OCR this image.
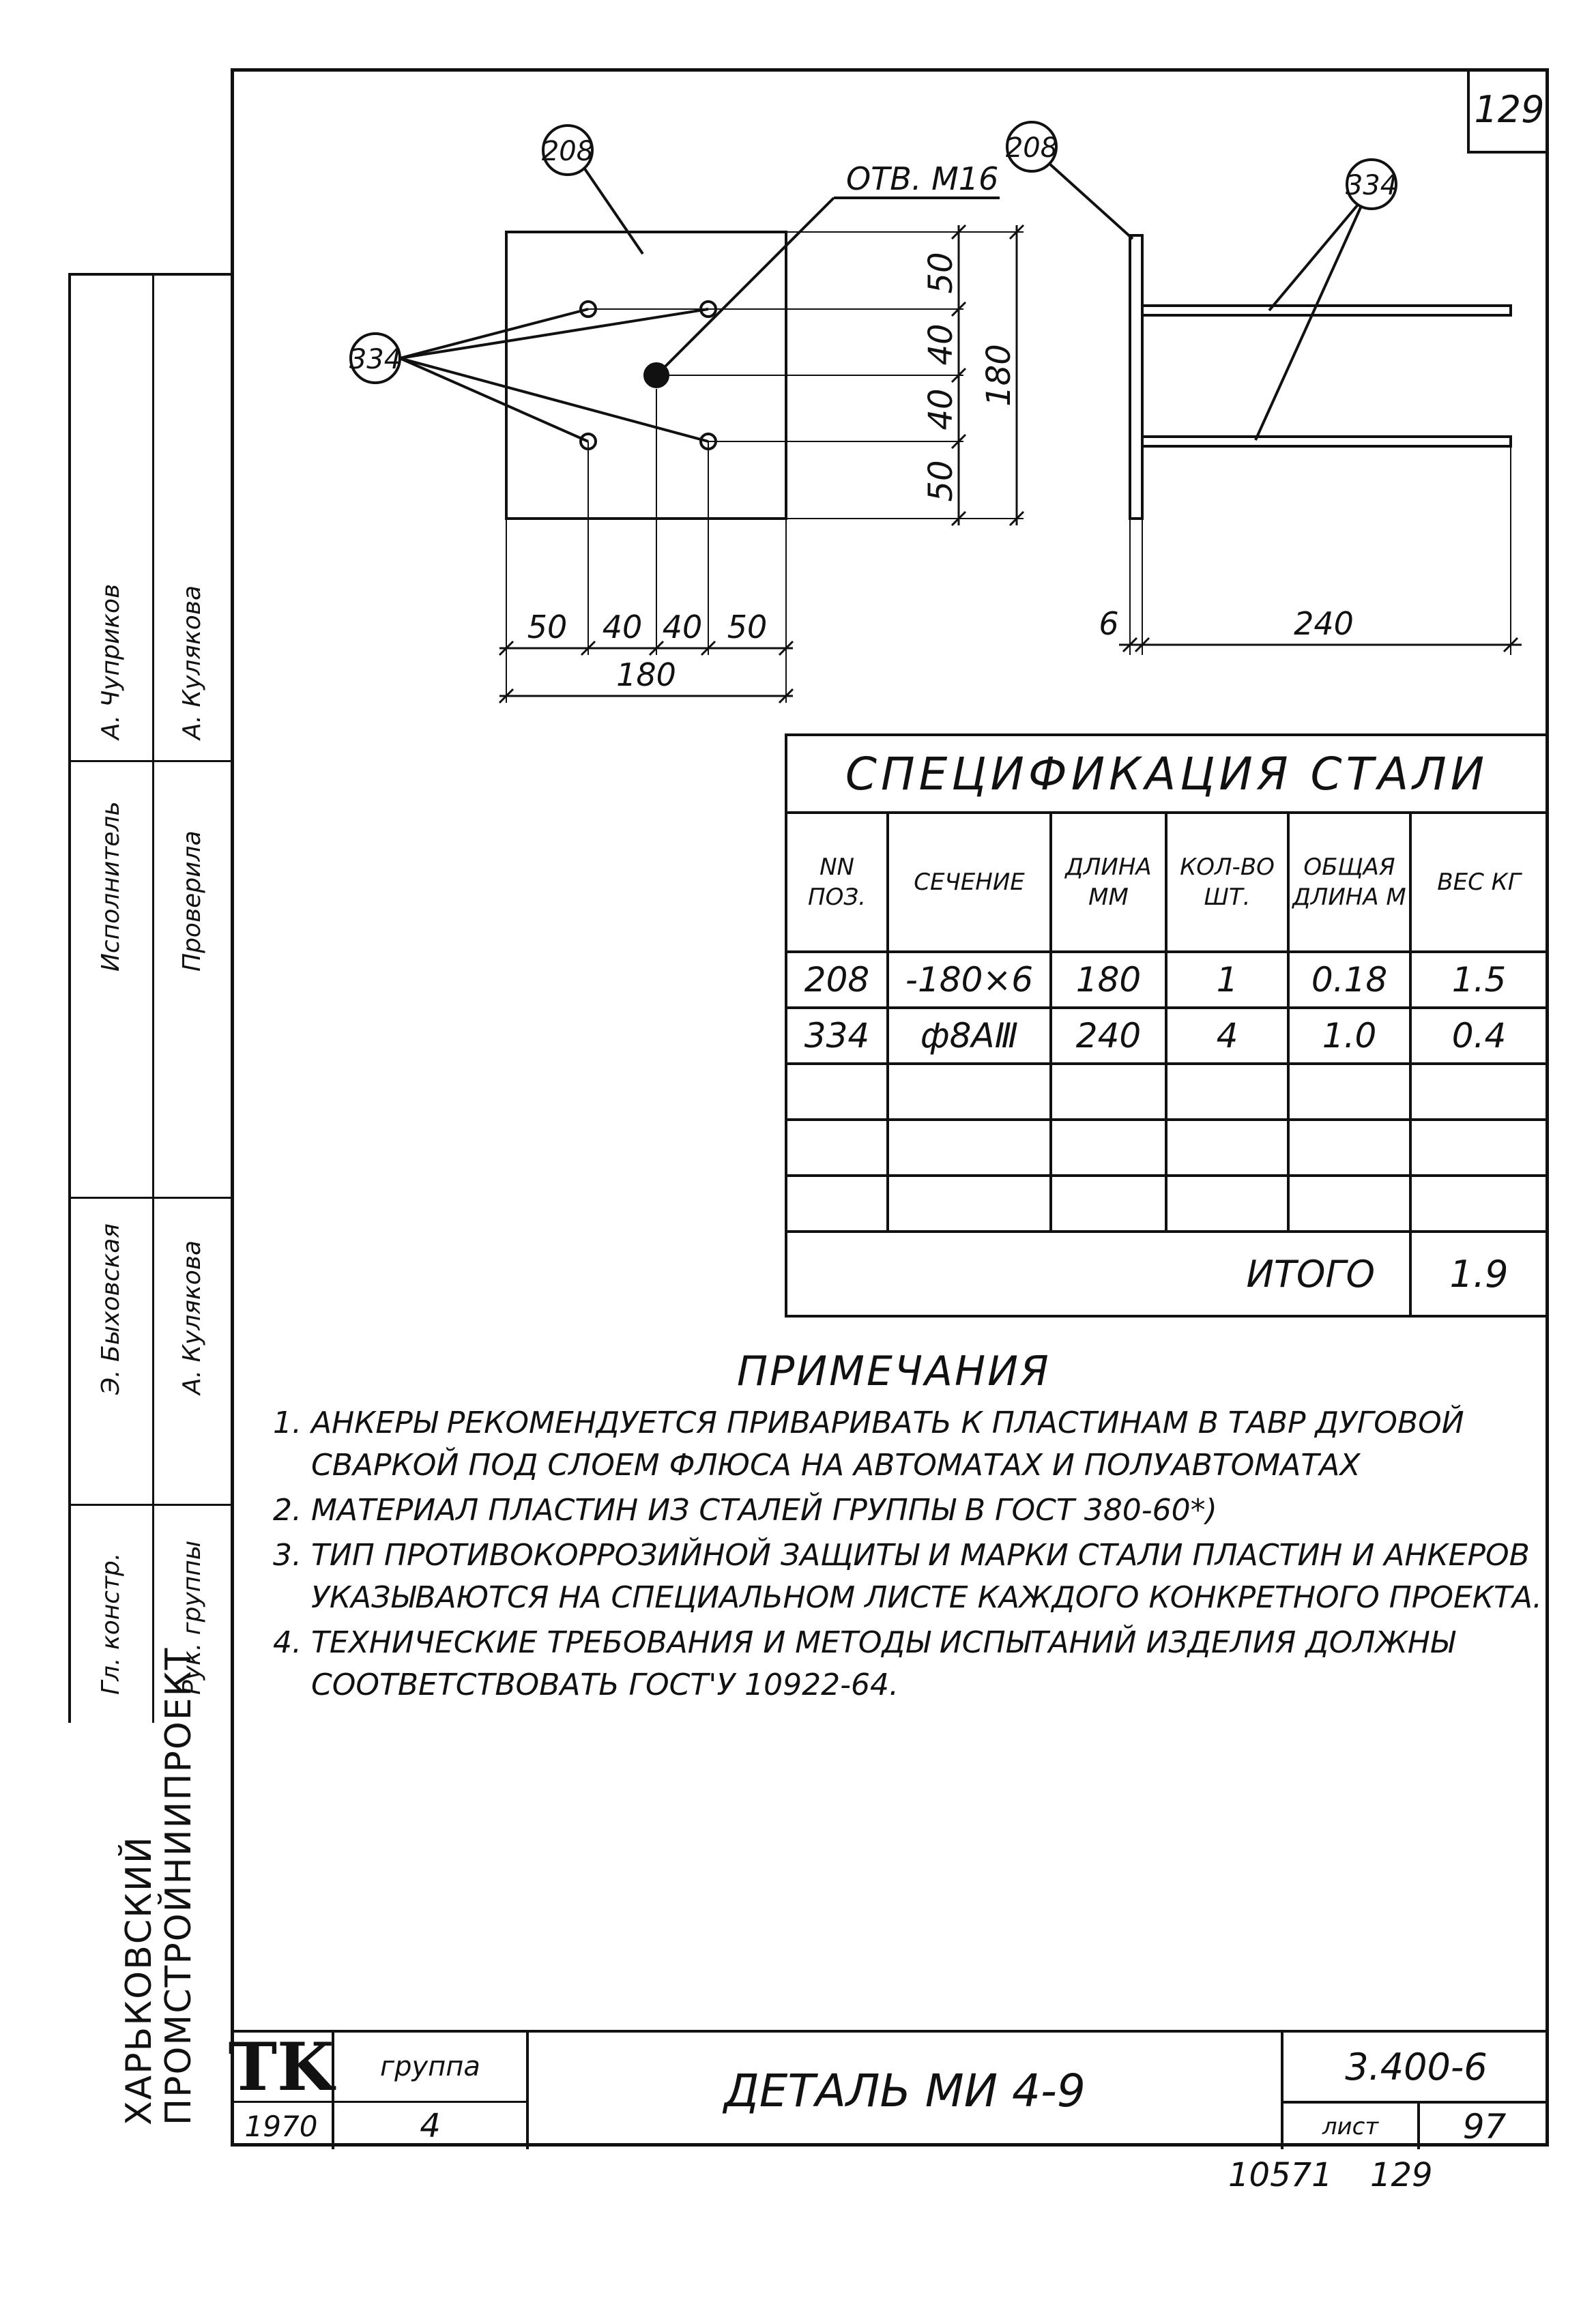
129
208
334
ОТВ. М16
208
334
50
40
40
50
180
50 40 40 50
180
6	240
СПЕЦИФИКАЦИЯ СТАЛИ					
NN ПОЗ.	СЕЧЕНИЕ	ДЛИНА ММ	КОЛ-ВО ШТ.	ОБЩАЯ ДЛИНА М	ВЕС КГ
208	-180×6	180	1	0.18	1.5
334	ф8АⅢ	240	4	1.0	0.4

ИТОГО					1.9
ПРИМЕЧАНИЯ
1. АНКЕРЫ РЕКОМЕНДУЕТСЯ ПРИВАРИВАТЬ К ПЛАСТИНАМ В ТАВР ДУГОВОЙ СВАРКОЙ ПОД СЛОЕМ ФЛЮСА НА АВТОМАТАХ И ПОЛУАВТОМАТАХ
2. МАТЕРИАЛ ПЛАСТИН ИЗ СТАЛЕЙ ГРУППЫ В ГОСТ 380-60*)
3. ТИП ПРОТИВОКОРРОЗИЙНОЙ ЗАЩИТЫ И МАРКИ СТАЛИ ПЛАСТИН И АНКЕРОВ УКАЗЫВАЮТСЯ НА СПЕЦИАЛЬНОМ ЛИСТЕ КАЖДОГО КОНКРЕТНОГО ПРОЕКТА.
4. ТЕХНИЧЕСКИЕ ТРЕБОВАНИЯ И МЕТОДЫ ИСПЫТАНИЙ ИЗДЕЛИЯ ДОЛЖНЫ СООТВЕТСТВОВАТЬ ГОСТ'У 10922-64.
Гл. констр.
Э. Быховская
Исполнитель
А. Чуприков
Рук. группы
А. Кулякова
Проверила
А. Кулякова
ХАРЬКОВСКИЙ
ПРОМСТРОЙНИИПРОЕКТ TK
1970
группа
4
ДЕТАЛЬ МИ 4-9	3.400-6
лист	97
10571 129
